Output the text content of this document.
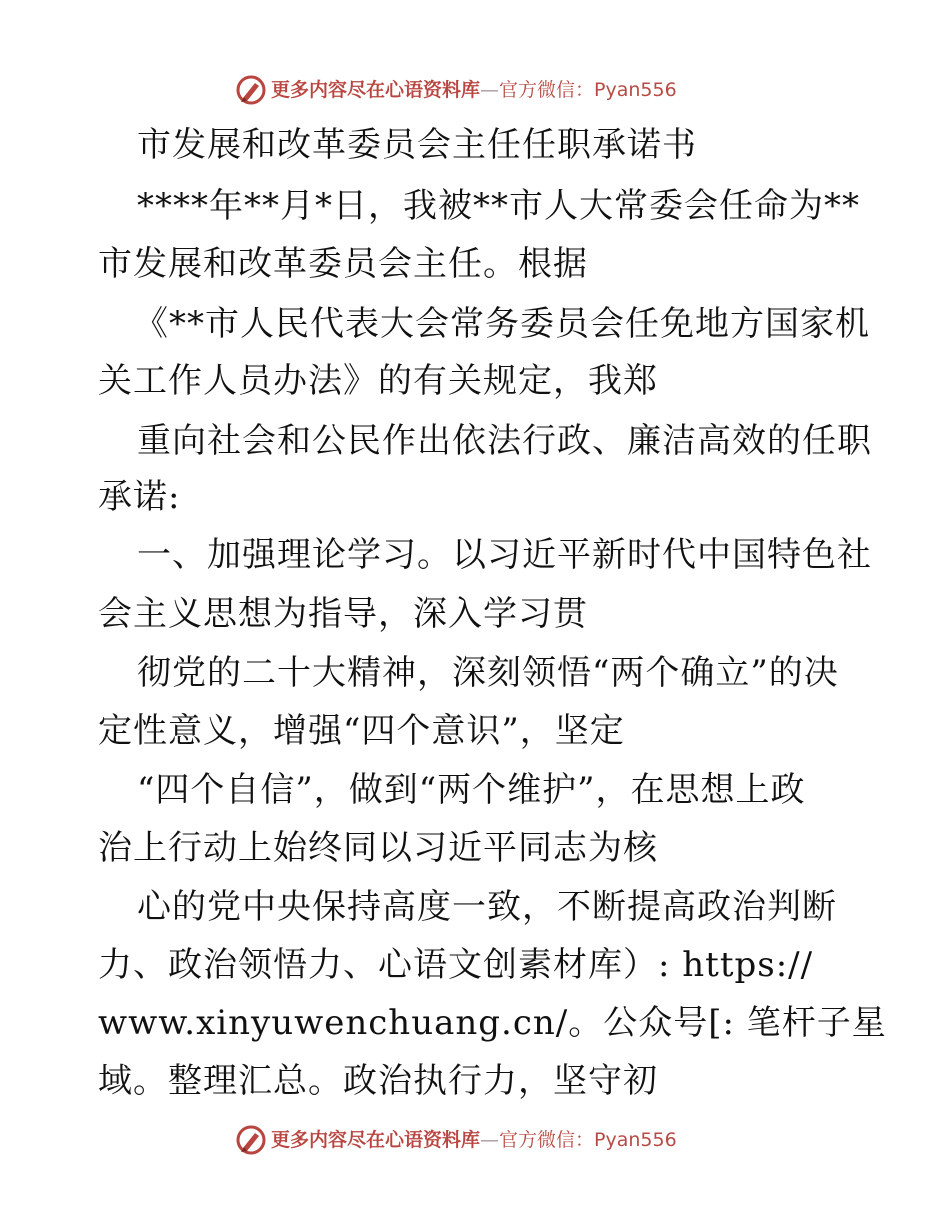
更多内容尽在心语资料库—官方微信：Pyan556
市发展和改革委员会主任任职承诺书
****年**月*日，我被**市人大常委会任命为**
市发展和改革委员会主任。根据
《**市人民代表大会常务委员会任免地方国家机
关工作人员办法》的有关规定，我郑
重向社会和公民作出依法行政、廉洁高效的任职
承诺:
一、加强理论学习。以习近平新时代中国特色社
会主义思想为指导，深入学习贯
彻党的二十大精神，深刻领悟“两个确立”的决
定性意义，增强“四个意识”，坚定
“四个自信”，做到“两个维护”，在思想上政
治上行动上始终同以习近平同志为核
心的党中央保持高度一致，不断提高政治判断
力、政治领悟力、心语文创素材库）: https://
www.xinyuwenchuang.cn/。公众号[: 笔杆子星
域。整理汇总。政治执行力，坚守初
更多内容尽在心语资料库—官方微信：Pyan556
